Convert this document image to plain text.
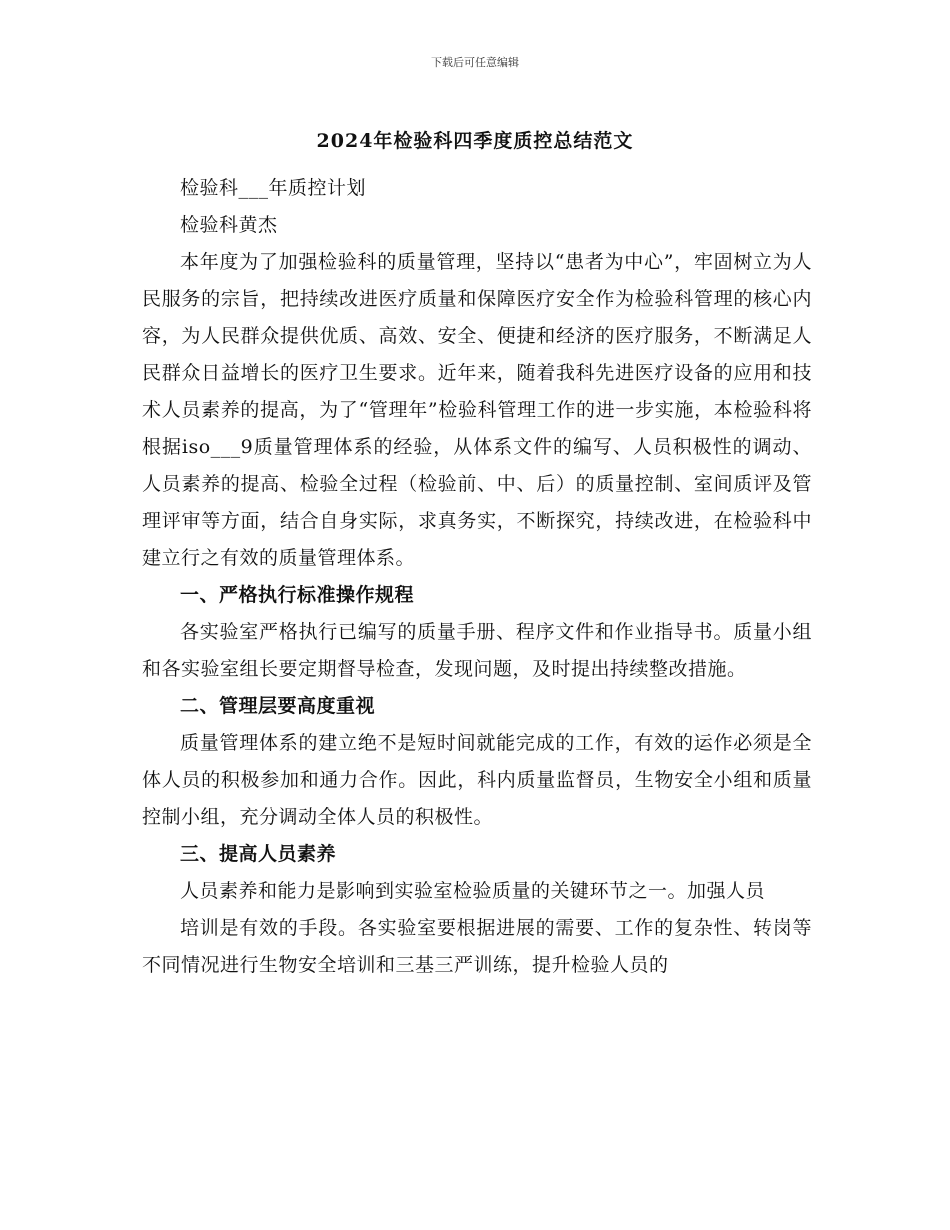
下载后可任意编辑
2024年检验科四季度质控总结范文

检验科___年质控计划

检验科黄杰

本年度为了加强检验科的质量管理，坚持以“患者为中心”，牢固树立为人民服务的宗旨，把持续改进医疗质量和保障医疗安全作为检验科管理的核心内容，为人民群众提供优质、高效、安全、便捷和经济的医疗服务，不断满足人民群众日益增长的医疗卫生要求。近年来，随着我科先进医疗设备的应用和技术人员素养的提高，为了“管理年”检验科管理工作的进一步实施，本检验科将根据iso___9质量管理体系的经验，从体系文件的编写、人员积极性的调动、人员素养的提高、检验全过程（检验前、中、后）的质量控制、室间质评及管理评审等方面，结合自身实际，求真务实，不断探究，持续改进，在检验科中建立行之有效的质量管理体系。

一、严格执行标准操作规程

各实验室严格执行已编写的质量手册、程序文件和作业指导书。质量小组和各实验室组长要定期督导检查，发现问题，及时提出持续整改措施。

二、管理层要高度重视

质量管理体系的建立绝不是短时间就能完成的工作，有效的运作必须是全体人员的积极参加和通力合作。因此，科内质量监督员，生物安全小组和质量控制小组，充分调动全体人员的积极性。

三、提高人员素养

人员素养和能力是影响到实验室检验质量的关键环节之一。加强人员

培训是有效的手段。各实验室要根据进展的需要、工作的复杂性、转岗等不同情况进行生物安全培训和三基三严训练，提升检验人员的
